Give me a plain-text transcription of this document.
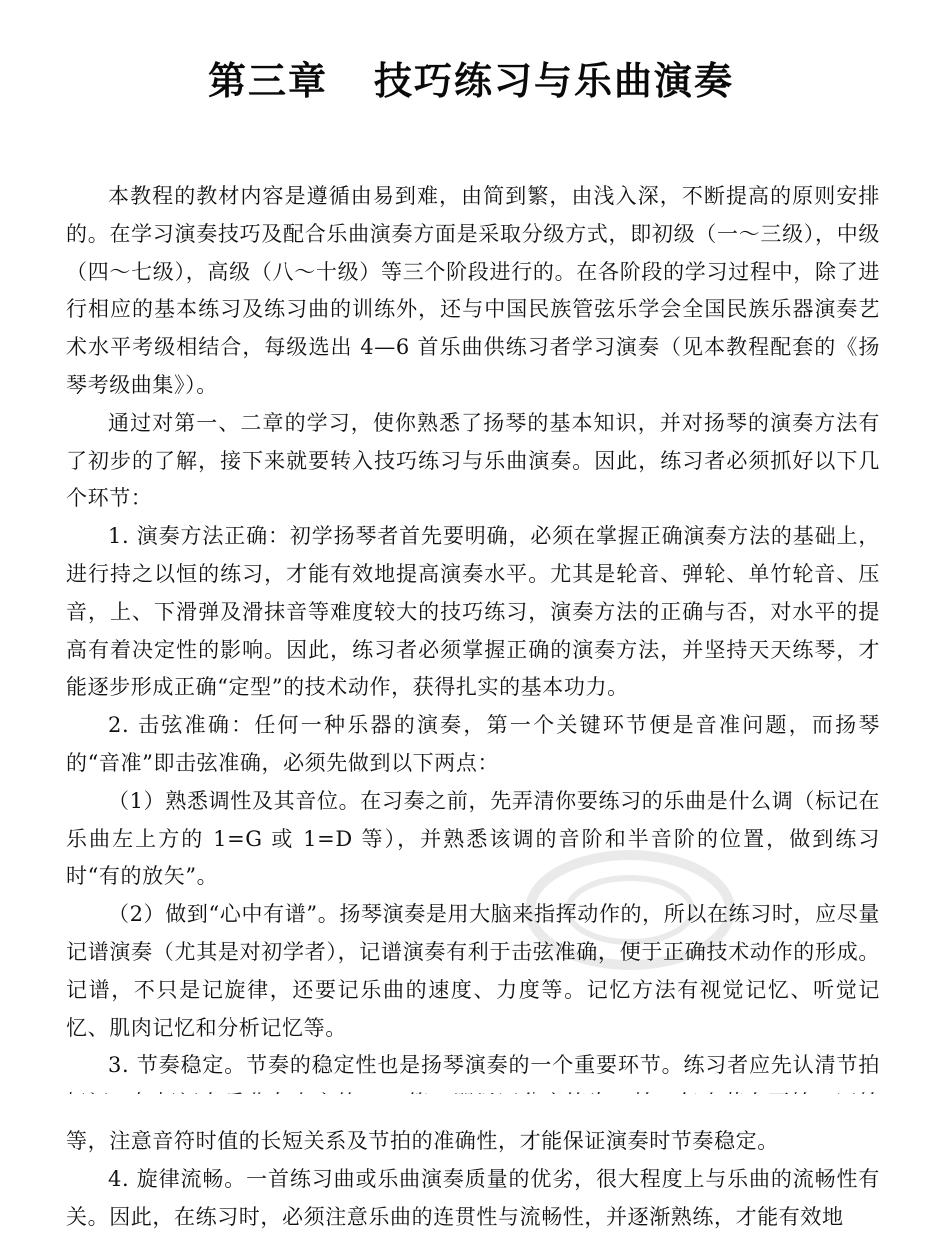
第三章 技巧练习与乐曲演奏

本教程的教材内容是遵循由易到难，由简到繁，由浅入深，不断提高的原则安排的。在学习演奏技巧及配合乐曲演奏方面是采取分级方式，即初级（一～三级），中级（四～七级），高级（八～十级）等三个阶段进行的。在各阶段的学习过程中，除了进行相应的基本练习及练习曲的训练外，还与中国民族管弦乐学会全国民族乐器演奏艺术水平考级相结合，每级选出 4—6 首乐曲供练习者学习演奏（见本教程配套的《扬琴考级曲集》）。

通过对第一、二章的学习，使你熟悉了扬琴的基本知识，并对扬琴的演奏方法有了初步的了解，接下来就要转入技巧练习与乐曲演奏。因此，练习者必须抓好以下几个环节：

1. 演奏方法正确：初学扬琴者首先要明确，必须在掌握正确演奏方法的基础上，进行持之以恒的练习，才能有效地提高演奏水平。尤其是轮音、弹轮、单竹轮音、压音，上、下滑弹及滑抹音等难度较大的技巧练习，演奏方法的正确与否，对水平的提高有着决定性的影响。因此，练习者必须掌握正确的演奏方法，并坚持天天练琴，才能逐步形成正确“定型”的技术动作，获得扎实的基本功力。

2. 击弦准确：任何一种乐器的演奏，第一个关键环节便是音准问题，而扬琴的“音准”即击弦准确，必须先做到以下两点：

（1）熟悉调性及其音位。在习奏之前，先弄清你要练习的乐曲是什么调（标记在乐曲左上方的 1=G 或 1=D 等），并熟悉该调的音阶和半音阶的位置，做到练习时“有的放矢”。

（2）做到“心中有谱”。扬琴演奏是用大脑来指挥动作的，所以在练习时，应尽量记谱演奏（尤其是对初学者），记谱演奏有利于击弦准确，便于正确技术动作的形成。记谱，不只是记旋律，还要记乐曲的速度、力度等。记忆方法有视觉记忆、听觉记忆、肌肉记忆和分析记忆等。

3. 节奏稳定。节奏的稳定性也是扬琴演奏的一个重要环节。练习者应先认清节拍
等，注意音符时值的长短关系及节拍的准确性，才能保证演奏时节奏稳定。

4. 旋律流畅。一首练习曲或乐曲演奏质量的优劣，很大程度上与乐曲的流畅性有关。因此，在练习时，必须注意乐曲的连贯性与流畅性，并逐渐熟练，才能有效地
